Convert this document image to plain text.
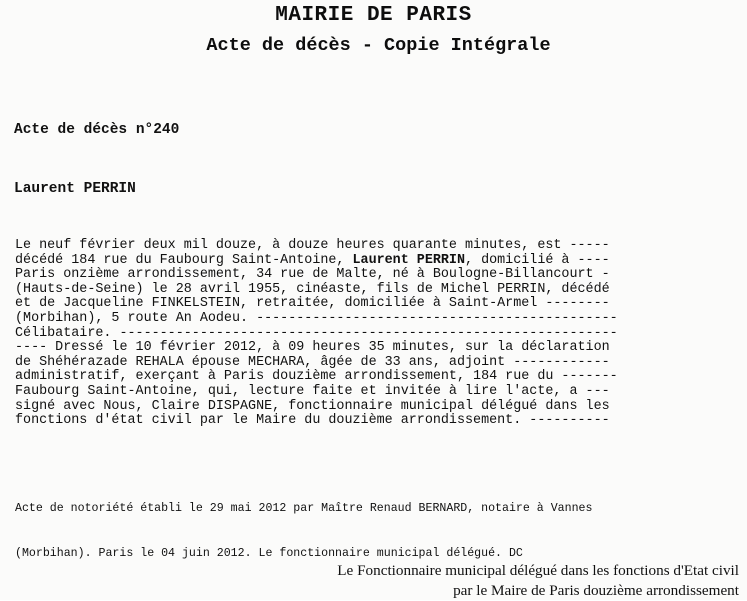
MAIRIE DE PARIS
Acte de décès - Copie Intégrale
Acte de décès n°240
Laurent PERRIN
Le neuf février deux mil douze, à douze heures quarante minutes, est -----
décédé 184 rue du Faubourg Saint-Antoine, Laurent PERRIN, domicilié à ----
Paris onzième arrondissement, 34 rue de Malte, né à Boulogne-Billancourt -
(Hauts-de-Seine) le 28 avril 1955, cinéaste, fils de Michel PERRIN, décédé
et de Jacqueline FINKELSTEIN, retraitée, domiciliée à Saint-Armel --------
(Morbihan), 5 route An Aodeu. ---------------------------------------------
Célibataire. --------------------------------------------------------------
---- Dressé le 10 février 2012, à 09 heures 35 minutes, sur la déclaration
de Shéhérazade REHALA épouse MECHARA, âgée de 33 ans, adjoint ------------
administratif, exerçant à Paris douzième arrondissement, 184 rue du -------
Faubourg Saint-Antoine, qui, lecture faite et invitée à lire l'acte, a ---
signé avec Nous, Claire DISPAGNE, fonctionnaire municipal délégué dans les
fonctions d'état civil par le Maire du douzième arrondissement. ----------

Acte de notoriété établi le 29 mai 2012 par Maître Renaud BERNARD, notaire à Vannes

(Morbihan). Paris le 04 juin 2012. Le fonctionnaire municipal délégué. DC

Le Fonctionnaire municipal délégué dans les fonctions d'Etat civil
par le Maire de Paris douzième arrondissement
